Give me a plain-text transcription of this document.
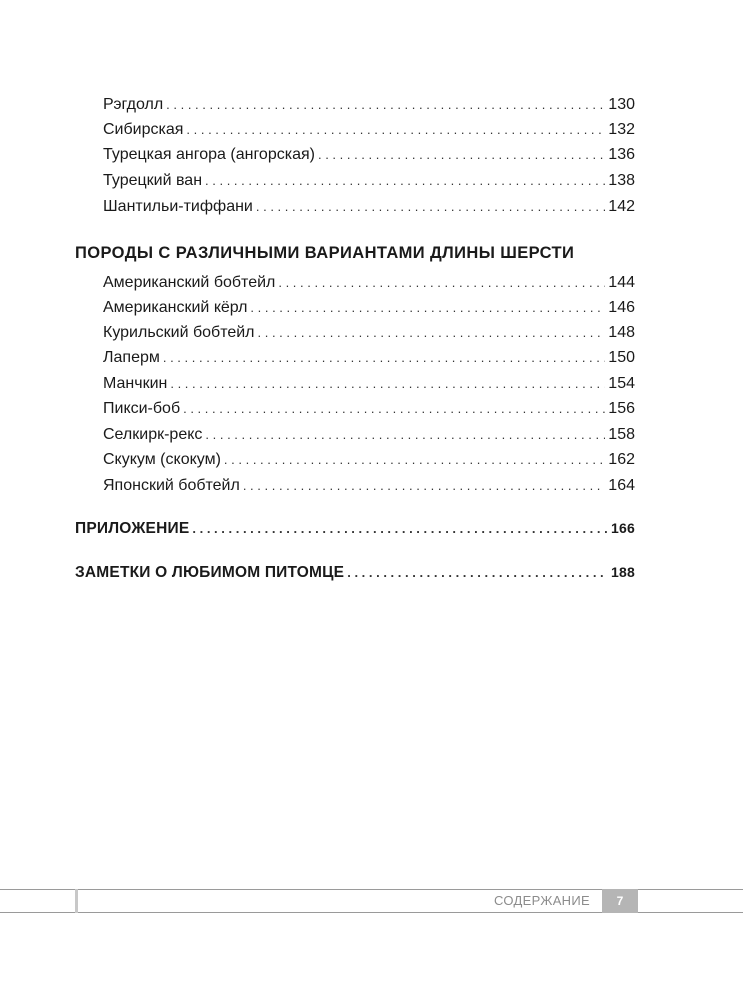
Рэгдолл . . .	130
Сибирская . . .	132
Турецкая ангора (ангорская) . . .	136
Турецкий ван . . .	138
Шантильи-тиффани . . .	142
ПОРОДЫ С РАЗЛИЧНЫМИ ВАРИАНТАМИ ДЛИНЫ ШЕРСТИ
Американский бобтейл . . .	144
Американский кёрл . . .	146
Курильский бобтейл . . .	148
Лаперм . . .	150
Манчкин . . .	154
Пикси-боб . . .	156
Селкирк-рекс . . .	158
Скукум (скокум) . . .	162
Японский бобтейл . . .	164
ПРИЛОЖЕНИЕ . . .	166
ЗАМЕТКИ О ЛЮБИМОМ ПИТОМЦЕ . . .	188
СОДЕРЖАНИЕ	7
